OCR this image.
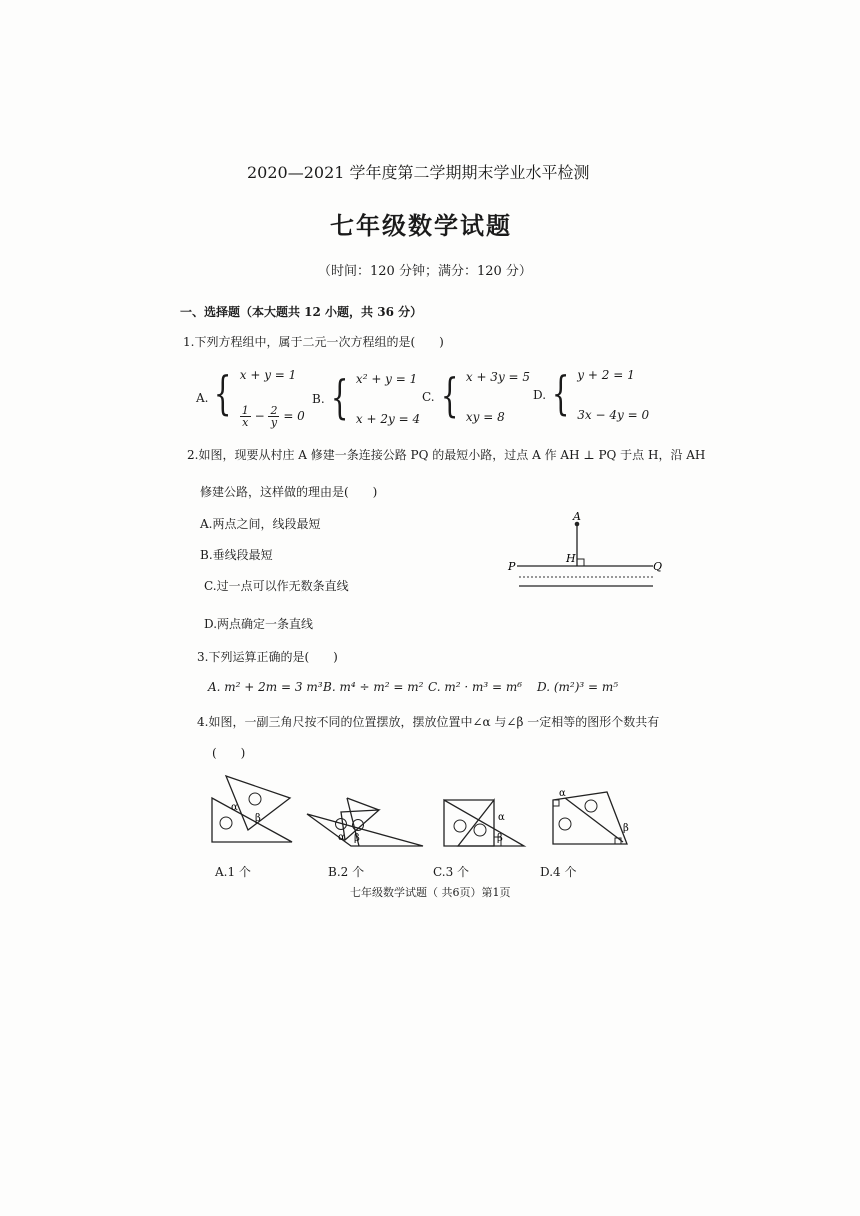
2020—2021 学年度第二学期期末学业水平检测
七年级数学试题
（时间：120 分钟；满分：120 分）
一、选择题（本大题共 12 小题，共 36 分）
1.下列方程组中，属于二元一次方程组的是(　　)
A. { x + y = 1
$\frac{1}{x} - \frac{2}{y} = 0$
B. { x² + y = 1
x + 2y = 4
C. { x + 3y = 5
xy = 8
D. { y + 2 = 1
3x − 4y = 0
2.如图，现要从村庄 A 修建一条连接公路 PQ 的最短小路，过点 A 作 AH ⊥ PQ 于点 H，沿 AH
修建公路，这样做的理由是(　　)
A.两点之间，线段最短
B.垂线段最短
C.过一点可以作无数条直线
D.两点确定一条直线
A
H
P	Q
3.下列运算正确的是(　　)
A. m² + 2m = 3 m³ B. m⁴ ÷ m² = m² C. m² · m³ = m⁶ D. (m²)³ = m⁵
4.如图，一副三角尺按不同的位置摆放，摆放位置中∠α 与∠β 一定相等的图形个数共有
(　　)
α
β
α β
α
β
α
β
A.1 个	B.2 个	C.3 个	D.4 个
七年级数学试题（ 共6页）第1页
